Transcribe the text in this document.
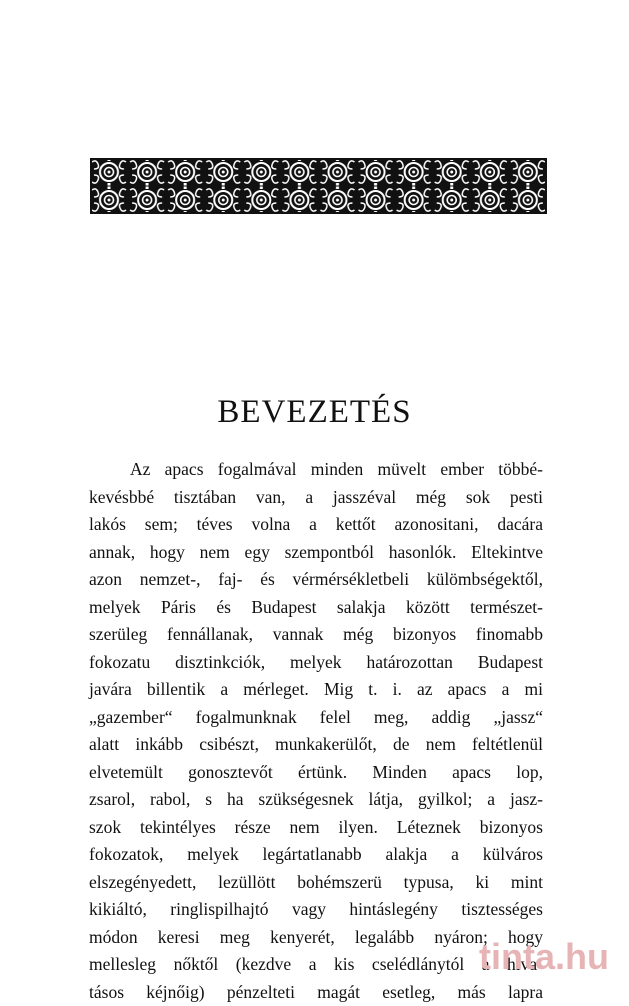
BEVEZETÉS
Az apacs fogalmával minden müvelt ember többé-
kevésbbé tisztában van, a jasszéval még sok pesti
lakós sem; téves volna a kettőt azonositani, dacára
annak, hogy nem egy szempontból hasonlók. Eltekintve
azon nemzet-, faj- és vérmérsékletbeli külömbségektől,
melyek Páris és Budapest salakja között természet-
szerüleg fennállanak, vannak még bizonyos finomabb
fokozatu disztinkciók, melyek határozottan Budapest
javára billentik a mérleget. Mig t. i. az apacs a mi
„gazember“ fogalmunknak felel meg, addig „jassz“
alatt inkább csibészt, munkakerülőt, de nem feltétlenül
elvetemült gonosztevőt értünk. Minden apacs lop,
zsarol, rabol, s ha szükségesnek látja, gyilkol; a jasz-
szok tekintélyes része nem ilyen. Léteznek bizonyos
fokozatok, melyek legártatlanabb alakja a külváros
elszegényedett, lezüllött bohémszerü typusa, ki mint
kikiáltó, ringlispilhajtó vagy hintáslegény tisztességes
módon keresi meg kenyerét, legalább nyáron; hogy
mellesleg nőktől (kezdve a kis cselédlánytól a hiva-
tásos kéjnőig) pénzelteti magát esetleg, más lapra
tinta.hu
